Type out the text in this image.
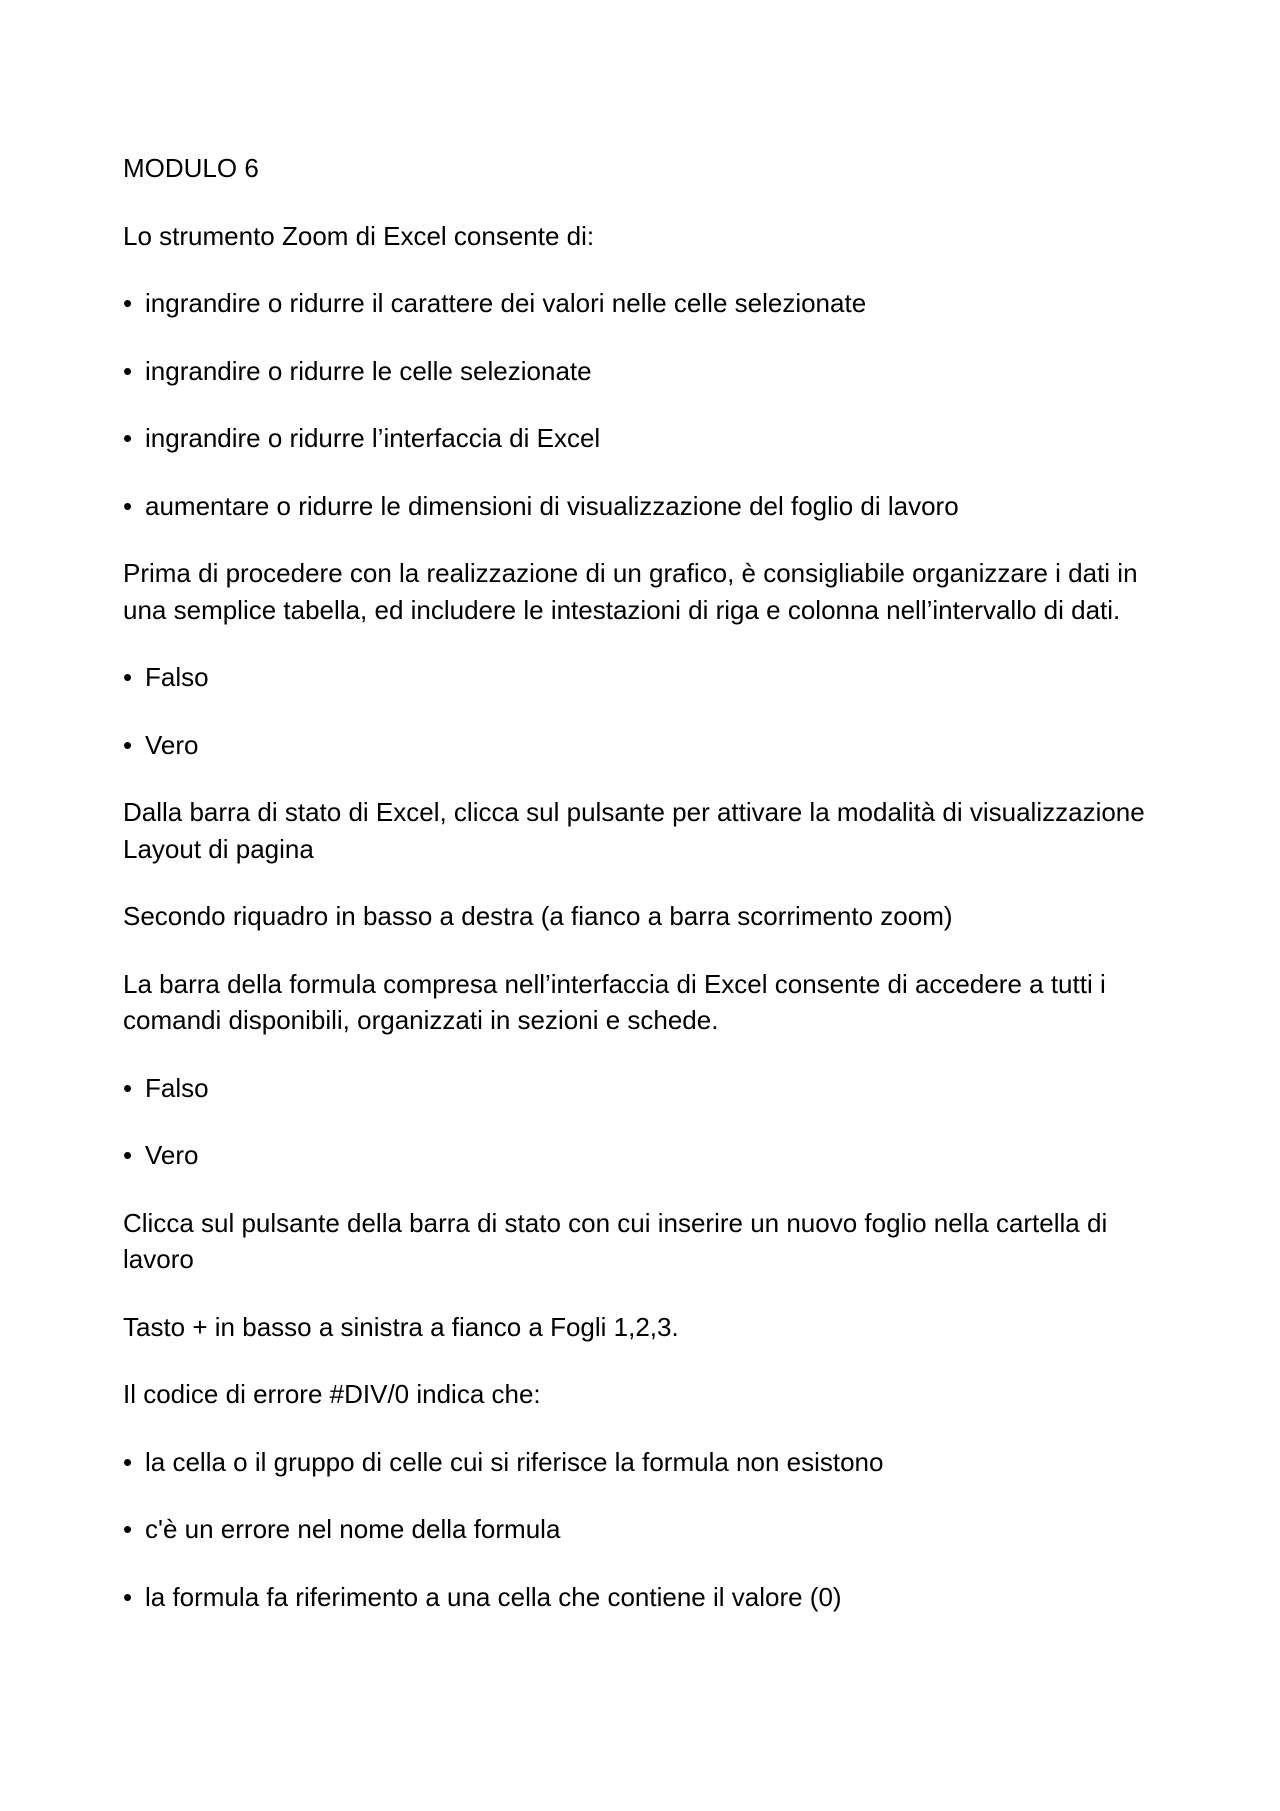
MODULO 6

Lo strumento Zoom di Excel consente di:

• ingrandire o ridurre il carattere dei valori nelle celle selezionate

• ingrandire o ridurre le celle selezionate

• ingrandire o ridurre l’interfaccia di Excel

• aumentare o ridurre le dimensioni di visualizzazione del foglio di lavoro

Prima di procedere con la realizzazione di un grafico, è consigliabile organizzare i dati in una semplice tabella, ed includere le intestazioni di riga e colonna nell’intervallo di dati.

• Falso

• Vero

Dalla barra di stato di Excel, clicca sul pulsante per attivare la modalità di visualizzazione Layout di pagina

Secondo riquadro in basso a destra (a fianco a barra scorrimento zoom)

La barra della formula compresa nell’interfaccia di Excel consente di accedere a tutti i comandi disponibili, organizzati in sezioni e schede.

• Falso

• Vero

Clicca sul pulsante della barra di stato con cui inserire un nuovo foglio nella cartella di lavoro

Tasto + in basso a sinistra a fianco a Fogli 1,2,3.

Il codice di errore #DIV/0 indica che:

• la cella o il gruppo di celle cui si riferisce la formula non esistono

• c'è un errore nel nome della formula

• la formula fa riferimento a una cella che contiene il valore (0)
